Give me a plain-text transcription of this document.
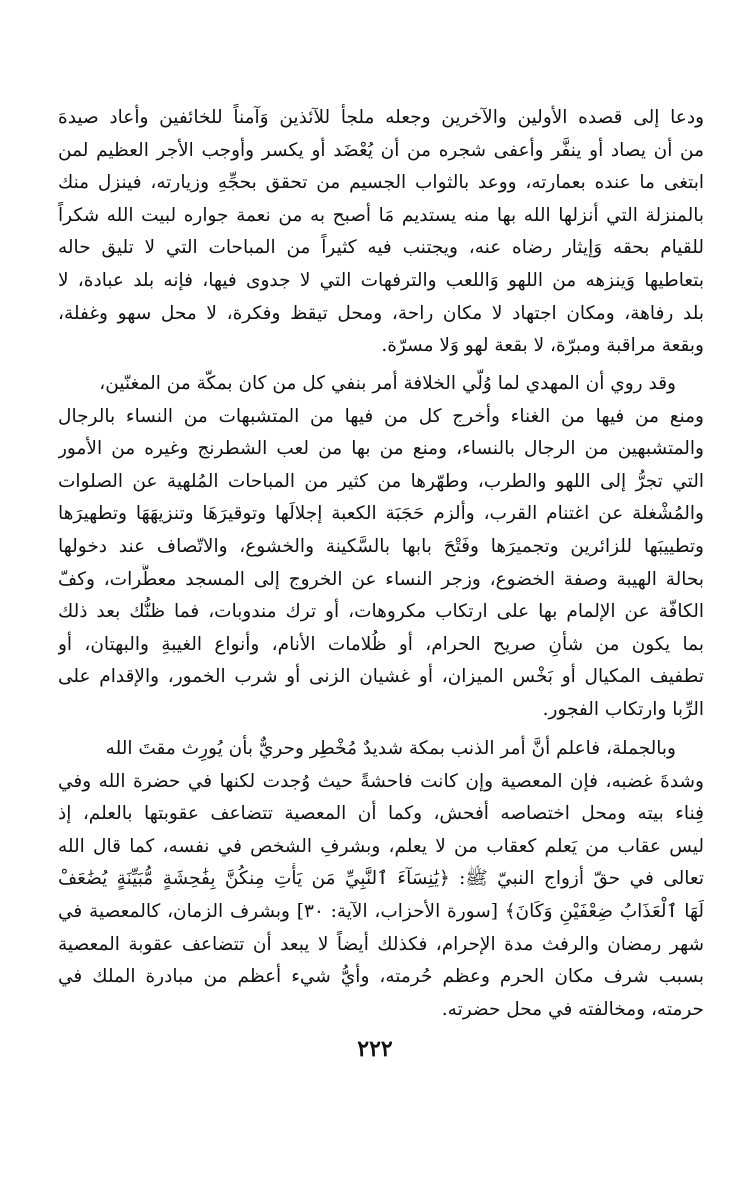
ودعا إلى قصده الأولين والآخرين وجعله ملجأ للآئذين وَآمناً للخائفين وأعاد صيدهَ
من أن يصاد أو ينفَّر وأعفى شجره من أن يُعْضَد أو يكسر وأوجب الأجر العظيم لمن
ابتغى ما عنده بعمارته، ووعد بالثواب الجسيم من تحقق بحجِّهِ وزيارته، فينزل منك
بالمنزلة التي أنزلها الله بها منه يستديم مَا أصبح به من نعمة جواره لبيت الله شكراً
للقيام بحقه وَإيثار رضاه عنه، ويجتنب فيه كثيراً من المباحات التي لا تليق حاله
بتعاطيها وَينزهه من اللهو وَاللعب والترفهات التي لا جدوى فيها، فإنه بلد عبادة، لا
بلد رفاهة، ومكان اجتهاد لا مكان راحة، ومحل تيقظ وفكرة، لا محل سهو وغفلة،
وبقعة مراقبة ومبرّة، لا بقعة لهو وَلا مسرّة.
وقد روي أن المهدي لما وُلّي الخلافة أمر بنفي كل من كان بمكّة من المغنّين،
ومنع من فيها من الغناء وأخرج كل من فيها من المتشبهات من النساء بالرجال
والمتشبهين من الرجال بالنساء، ومنع من بها من لعب الشطرنج وغيره من الأمور
التي تجرُّ إلى اللهو والطرب، وطهّرها من كثير من المباحات المُلهية عن الصلوات
والمُشْغلة عن اغتنام القرب، وألزم حَجَبَة الكعبة إجلالَها وتوقيرَهَا وتنزيهَهَا وتطهيرَها
وتطييبَها للزائرين وتجميرَها وفَتْحَ بابها بالسَّكينة والخشوع، والاتّصاف عند دخولها
بحالة الهيبة وصفة الخضوع، وزجر النساء عن الخروج إلى المسجد معطَّرات، وكفّ
الكافّة عن الإلمام بها على ارتكاب مكروهات، أو ترك مندوبات، فما ظنُّك بعد ذلك
بما يكون من شأنِ صريح الحرام، أو ظُلامات الأنام، وأنواع الغيبةِ والبهتان، أو
تطفيف المكيال أو بَخْس الميزان، أو غشيان الزنى أو شرب الخمور، والإقدام على
الرِّبا وارتكاب الفجور.
وبالجملة، فاعلم أنَّ أمر الذنب بمكة شديدٌ مُخْطِر وحريٌّ بأن يُورِث مقتَ الله
وشدةَ غضبه، فإن المعصية وإن كانت فاحشةً حيث وُجدت لكنها في حضرة الله وفي
فِناء بيته ومحل اختصاصه أفحش، وكما أن المعصية تتضاعف عقوبتها بالعلم، إذ
ليس عقاب من يَعلم كعقاب من لا يعلم، وبشرفِ الشخص في نفسه، كما قال الله
تعالى في حقّ أزواج النبيّ ﷺ: ﴿يَٰنِسَآءَ ٱلنَّبِيِّ مَن يَأْتِ مِنكُنَّ بِفَٰحِشَةٍ مُّبَيِّنَةٍ يُضَٰعَفْ
لَهَا ٱلْعَذَابُ ضِعْفَيْنِ وَكَانَ﴾ [سورة الأحزاب، الآية: ٣٠] وبشرف الزمان، كالمعصية في
شهر رمضان والرفث مدة الإحرام، فكذلك أيضاً لا يبعد أن تتضاعف عقوبة المعصية
بسبب شرف مكان الحرم وعظم حُرمته، وأيُّ شيء أعظم من مبادرة الملك في
حرمته، ومخالفته في محل حضرته.
٢٢٢
